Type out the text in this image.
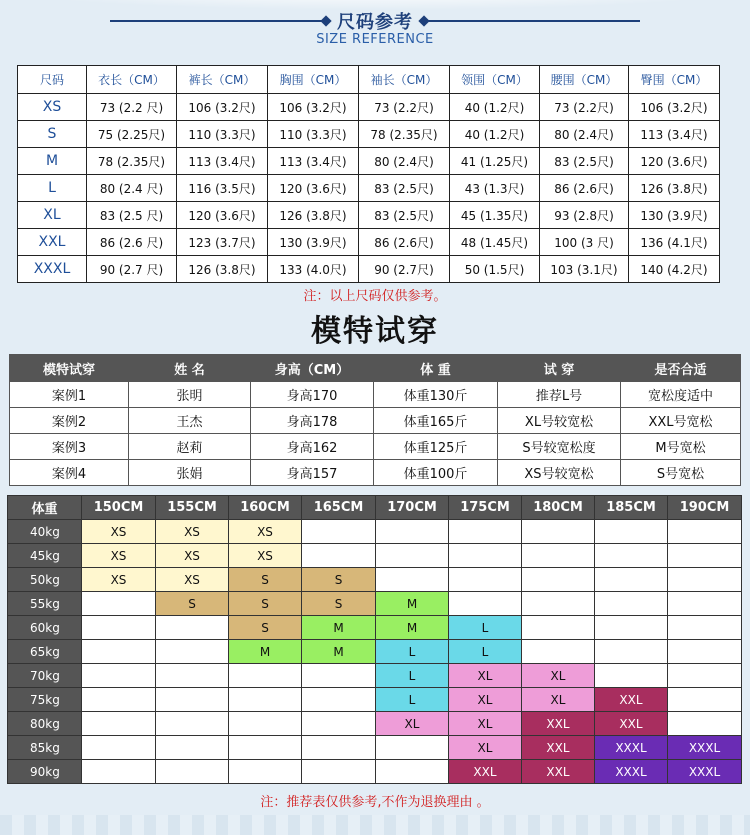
尺码参考
SIZE REFERENCE
尺码	衣长（CM）	裤长（CM）	胸围（CM）	袖长（CM）	领围（CM）	腰围（CM）	臀围（CM）
XS	73 (2.2 尺)	106 (3.2尺)	106 (3.2尺)	73 (2.2尺)	40 (1.2尺)	73 (2.2尺)	106 (3.2尺)
S	75 (2.25尺)	110 (3.3尺)	110 (3.3尺)	78 (2.35尺)	40 (1.2尺)	80 (2.4尺)	113 (3.4尺)
M	78 (2.35尺)	113 (3.4尺)	113 (3.4尺)	80 (2.4尺)	41 (1.25尺)	83 (2.5尺)	120 (3.6尺)
L	80 (2.4 尺)	116 (3.5尺)	120 (3.6尺)	83 (2.5尺)	43 (1.3尺)	86 (2.6尺)	126 (3.8尺)
XL	83 (2.5 尺)	120 (3.6尺)	126 (3.8尺)	83 (2.5尺)	45 (1.35尺)	93 (2.8尺)	130 (3.9尺)
XXL	86 (2.6 尺)	123 (3.7尺)	130 (3.9尺)	86 (2.6尺)	48 (1.45尺)	100 (3 尺)	136 (4.1尺)
XXXL	90 (2.7 尺)	126 (3.8尺)	133 (4.0尺)	90 (2.7尺)	50 (1.5尺)	103 (3.1尺)	140 (4.2尺)
注：以上尺码仅供参考。
模特试穿
模特试穿	姓 名	身高（CM）	体 重	试 穿	是否合适
案例1	张明	身高170	体重130斤	推荐L号	宽松度适中
案例2	王杰	身高178	体重165斤	XL号较宽松	XXL号宽松
案例3	赵莉	身高162	体重125斤	S号较宽松度	M号宽松
案例4	张娟	身高157	体重100斤	XS号较宽松	S号宽松
体重	150CM	155CM	160CM	165CM	170CM	175CM	180CM	185CM	190CM
40kg	XS	XS	XS						
45kg	XS	XS	XS						
50kg	XS	XS	S	S					
55kg		S	S	S	M				
60kg			S	M	M	L			
65kg			M	M	L	L			
70kg					L	XL	XL		
75kg					L	XL	XL	XXL	
80kg					XL	XL	XXL	XXL	
85kg						XL	XXL	XXXL	XXXL
90kg						XXL	XXL	XXXL	XXXL
注：推荐表仅供参考,不作为退换理由 。
